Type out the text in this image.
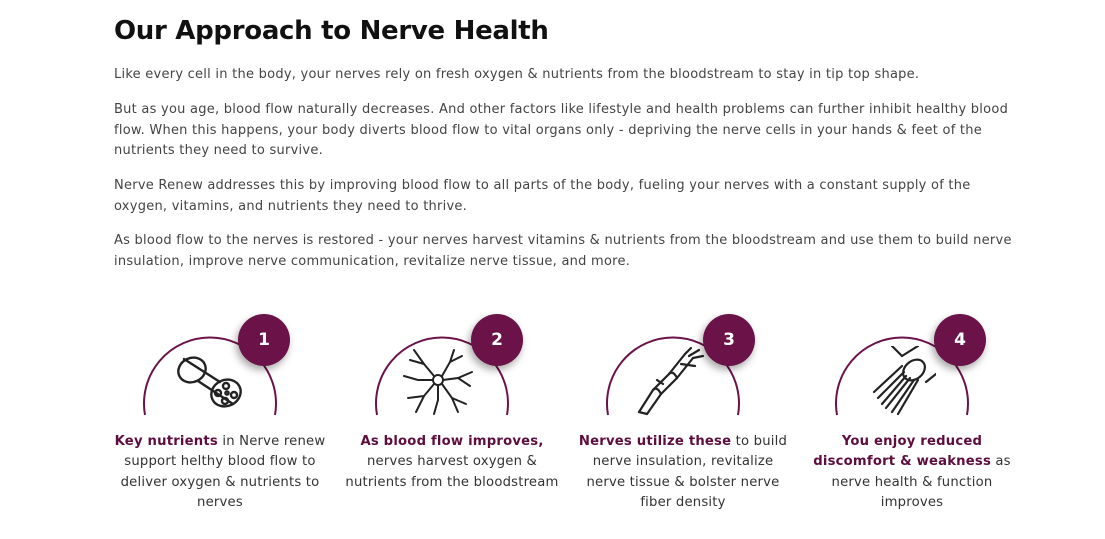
Our Approach to Nerve Health

Like every cell in the body, your nerves rely on fresh oxygen & nutrients from the bloodstream to stay in tip top shape.

But as you age, blood flow naturally decreases. And other factors like lifestyle and health problems can further inhibit healthy blood flow. When this happens, your body diverts blood flow to vital organs only - depriving the nerve cells in your hands & feet of the nutrients they need to survive.

Nerve Renew addresses this by improving blood flow to all parts of the body, fueling your nerves with a constant supply of the oxygen, vitamins, and nutrients they need to thrive.

As blood flow to the nerves is restored - your nerves harvest vitamins & nutrients from the bloodstream and use them to build nerve insulation, improve nerve communication, revitalize nerve tissue, and more.

1

Key nutrients in Nerve renew support helthy blood flow to deliver oxygen & nutrients to nerves

2

As blood flow improves, nerves harvest oxygen & nutrients from the bloodstream

3

Nerves utilize these to build nerve insulation, revitalize nerve tissue & bolster nerve fiber density

4

You enjoy reduced discomfort & weakness as nerve health & function improves
